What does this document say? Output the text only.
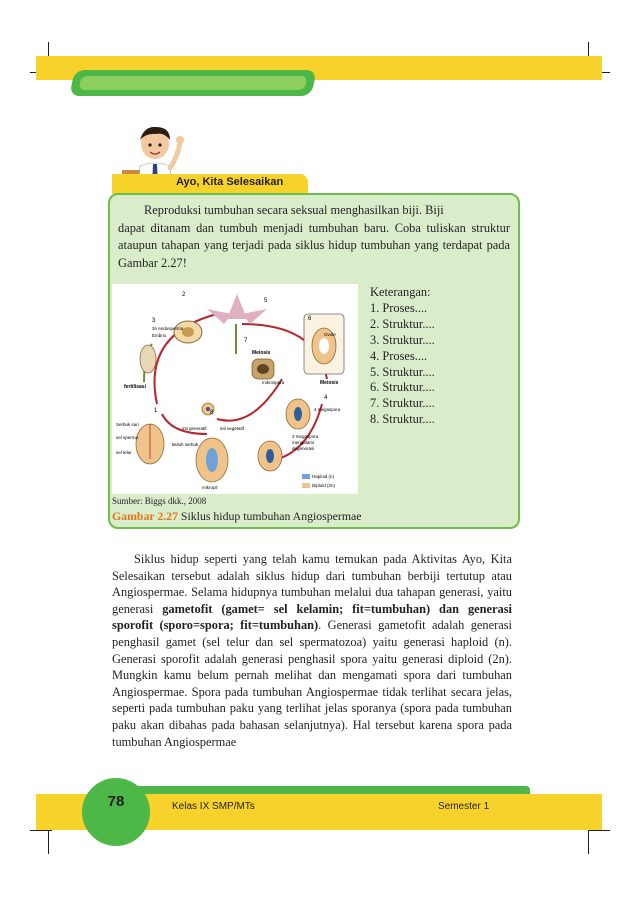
Ayo, Kita Selesaikan
Reproduksi tumbuhan secara seksual menghasilkan biji. Biji
dapat ditanam dan tumbuh menjadi tumbuhan baru. Coba tuliskan struktur ataupun tahapan yang terjadi pada siklus hidup tumbuhan yang terdapat pada Gambar 2.27!
3
2
5
6
7
1	8
4
3n endosperma
Embrio
fertilisasi
Meiosis
mikrospora
Ovule
Meiosis
4 megaspora
3 megaspora
mengalami
degenerasi
Haploid (n)
Diploid (2n)
mikropil
inti generatif	inti vegetatif
Buluh serbuk
Serbuk sari
sel sperma
sel telur
Keterangan:
1. Proses....
2. Struktur....
3. Struktur....
4. Proses....
5. Struktur....
6. Struktur....
7. Struktur....
8. Struktur....
Sumber: Biggs dkk., 2008
Gambar 2.27 Siklus hidup tumbuhan Angiospermae
Siklus hidup seperti yang telah kamu temukan pada Aktivitas Ayo, Kita Selesaikan tersebut adalah siklus hidup dari tumbuhan berbiji tertutup atau Angiospermae. Selama hidupnya tumbuhan melalui dua tahapan generasi, yaitu generasi gametofit (gamet= sel kelamin; fit=tumbuhan) dan generasi sporofit (sporo=spora; fit=tumbuhan). Generasi gametofit adalah generasi penghasil gamet (sel telur dan sel spermatozoa) yaitu generasi haploid (n). Generasi sporofit adalah generasi penghasil spora yaitu generasi diploid (2n). Mungkin kamu belum pernah melihat dan mengamati spora dari tumbuhan Angiospermae. Spora pada tumbuhan Angiospermae tidak terlihat secara jelas, seperti pada tumbuhan paku yang terlihat jelas sporanya (spora pada tumbuhan paku akan dibahas pada bahasan selanjutnya). Hal tersebut karena spora pada tumbuhan Angiospermae
78	Kelas IX SMP/MTs	Semester 1
